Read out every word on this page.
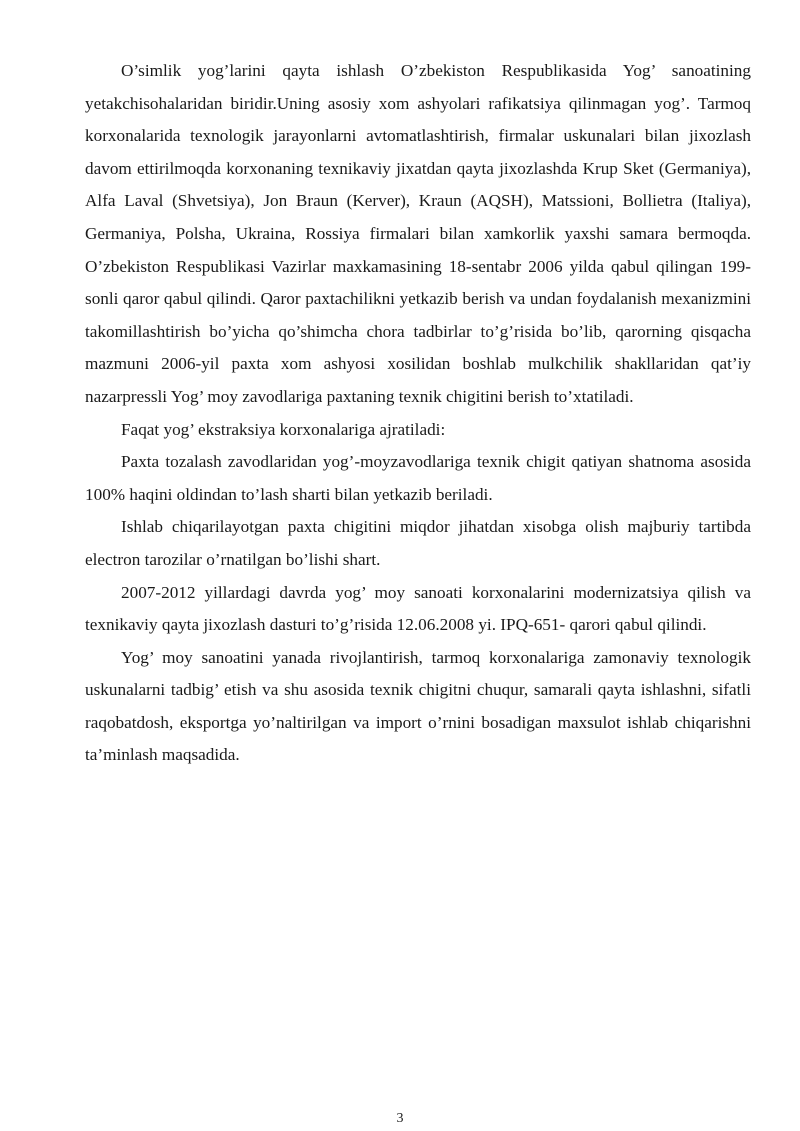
O’simlik yog’larini qayta ishlash O’zbekiston Respublikasida Yog’ sanoatining yetakchisohalaridan biridir.Uning asosiy xom ashyolari rafikatsiya qilinmagan yog’. Tarmoq korxonalarida texnologik jarayonlarni avtomatlashtirish, firmalar uskunalari bilan jixozlash davom ettirilmoqda korxonaning texnikaviy jixatdan qayta jixozlashda Krup Sket (Germaniya), Alfa Laval (Shvetsiya), Jon Braun (Kerver), Kraun (AQSH), Matssioni, Bollietra (Italiya), Germaniya, Polsha, Ukraina, Rossiya firmalari bilan xamkorlik yaxshi samara bermoqda. O’zbekiston Respublikasi Vazirlar maxkamasining 18-sentabr 2006 yilda qabul qilingan 199- sonli qaror qabul qilindi. Qaror paxtachilikni yetkazib berish va undan foydalanish mexanizmini takomillashtirish bo’yicha qo’shimcha chora tadbirlar to’g’risida bo’lib, qarorning qisqacha mazmuni 2006-yil paxta xom ashyosi xosilidan boshlab mulkchilik shakllaridan qat’iy nazarpressli Yog’ moy zavodlariga paxtaning texnik chigitini berish to’xtatiladi.

Faqat yog’ ekstraksiya korxonalariga ajratiladi:

Paxta tozalash zavodlaridan yog’-moyzavodlariga texnik chigit qatiyan shatnoma asosida 100% haqini oldindan to’lash sharti bilan yetkazib beriladi.

Ishlab chiqarilayotgan paxta chigitini miqdor jihatdan xisobga olish majburiy tartibda electron tarozilar o’rnatilgan bo’lishi shart.

2007-2012 yillardagi davrda yog’ moy sanoati korxonalarini modernizatsiya qilish va texnikaviy qayta jixozlash dasturi to’g’risida 12.06.2008 yi. IPQ-651- qarori qabul qilindi.

Yog’ moy sanoatini yanada rivojlantirish, tarmoq korxonalariga zamonaviy texnologik uskunalarni tadbig’ etish va shu asosida texnik chigitni chuqur, samarali qayta ishlashni, sifatli raqobatdosh, eksportga yo’naltirilgan va import o’rnini bosadigan maxsulot ishlab chiqarishni ta’minlash maqsadida.

3
